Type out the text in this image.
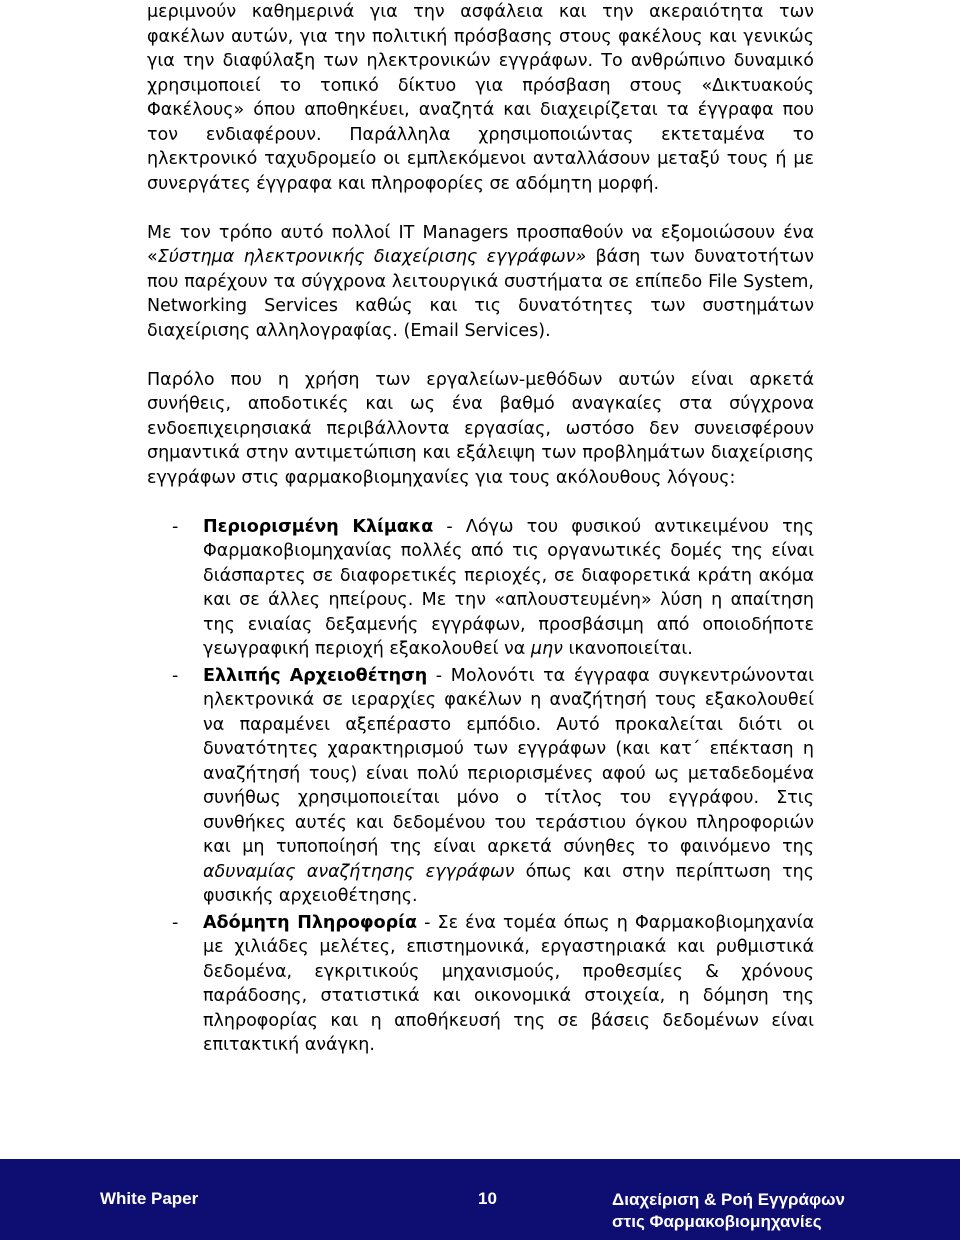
μεριμνούν καθημερινά για την ασφάλεια και την ακεραιότητα των φακέλων αυτών, για την πολιτική πρόσβασης στους φακέλους και γενικώς για την διαφύλαξη των ηλεκτρονικών εγγράφων. Το ανθρώπινο δυναμικό χρησιμοποιεί το τοπικό δίκτυο για πρόσβαση στους «Δικτυακούς Φακέλους» όπου αποθηκέυει, αναζητά και διαχειρίζεται τα έγγραφα που τον ενδιαφέρουν. Παράλληλα χρησιμοποιώντας εκτεταμένα το ηλεκτρονικό ταχυδρομείο οι εμπλεκόμενοι ανταλλάσουν μεταξύ τους ή με συνεργάτες έγγραφα και πληροφορίες σε αδόμητη μορφή.

Με τον τρόπο αυτό πολλοί IT Managers προσπαθούν να εξομοιώσουν ένα «Σύστημα ηλεκτρονικής διαχείρισης εγγράφων» βάση των δυνατοτήτων που παρέχουν τα σύγχρονα λειτουργικά συστήματα σε επίπεδο File System, Networking Services καθώς και τις δυνατότητες των συστημάτων διαχείρισης αλληλογραφίας. (Email Services).

Παρόλο που η χρήση των εργαλείων-μεθόδων αυτών είναι αρκετά συνήθεις, αποδοτικές και ως ένα βαθμό αναγκαίες στα σύγχρονα ενδοεπιχειρησιακά περιβάλλοντα εργασίας, ωστόσο δεν συνεισφέρουν σημαντικά στην αντιμετώπιση και εξάλειψη των προβλημάτων διαχείρισης εγγράφων στις φαρμακοβιομηχανίες για τους ακόλουθους λόγους:

- Περιορισμένη Κλίμακα - Λόγω του φυσικού αντικειμένου της Φαρμακοβιομηχανίας πολλές από τις οργανωτικές δομές της είναι διάσπαρτες σε διαφορετικές περιοχές, σε διαφορετικά κράτη ακόμα και σε άλλες ηπείρους. Με την «απλουστευμένη» λύση η απαίτηση της ενιαίας δεξαμενής εγγράφων, προσβάσιμη από οποιοδήποτε γεωγραφική περιοχή εξακολουθεί να μην ικανοποιείται.
- Ελλιπής Αρχειοθέτηση - Μολονότι τα έγγραφα συγκεντρώνονται ηλεκτρονικά σε ιεραρχίες φακέλων η αναζήτησή τους εξακολουθεί να παραμένει αξεπέραστο εμπόδιο. Αυτό προκαλείται διότι οι δυνατότητες χαρακτηρισμού των εγγράφων (και κατ΄ επέκταση η αναζήτησή τους) είναι πολύ περιορισμένες αφού ως μεταδεδομένα συνήθως χρησιμοποιείται μόνο ο τίτλος του εγγράφου. Στις συνθήκες αυτές και δεδομένου του τεράστιου όγκου πληροφοριών και μη τυποποίησή της είναι αρκετά σύνηθες το φαινόμενο της αδυναμίας αναζήτησης εγγράφων όπως και στην περίπτωση της φυσικής αρχειοθέτησης.
- Αδόμητη Πληροφορία - Σε ένα τομέα όπως η Φαρμακοβιομηχανία με χιλιάδες μελέτες, επιστημονικά, εργαστηριακά και ρυθμιστικά δεδομένα, εγκριτικούς μηχανισμούς, προθεσμίες & χρόνους παράδοσης, στατιστικά και οικονομικά στοιχεία, η δόμηση της πληροφορίας και η αποθήκευσή της σε βάσεις δεδομένων είναι επιτακτική ανάγκη.
White Paper	10	Διαχείριση & Ροή Εγγράφων
στις Φαρμακοβιομηχανίες
